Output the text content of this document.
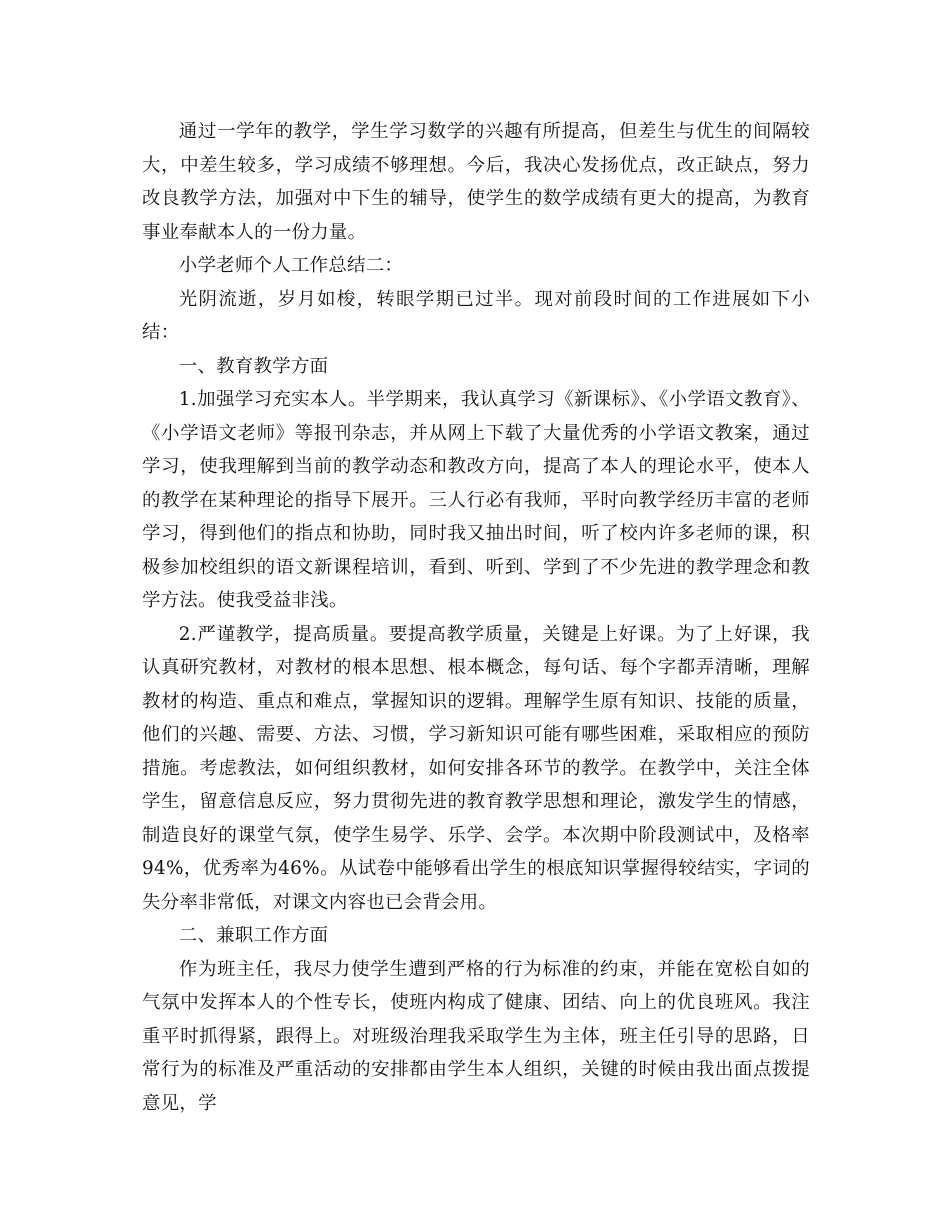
通过一学年的教学，学生学习数学的兴趣有所提高，但差生与优生的间隔较大，中差生较多，学习成绩不够理想。今后，我决心发扬优点，改正缺点，努力改良教学方法，加强对中下生的辅导，使学生的数学成绩有更大的提高，为教育事业奉献本人的一份力量。

小学老师个人工作总结二：

光阴流逝，岁月如梭，转眼学期已过半。现对前段时间的工作进展如下小结：

一、教育教学方面

1.加强学习充实本人。半学期来，我认真学习《新课标》、《小学语文教育》、《小学语文老师》等报刊杂志，并从网上下载了大量优秀的小学语文教案，通过学习，使我理解到当前的教学动态和教改方向，提高了本人的理论水平，使本人的教学在某种理论的指导下展开。三人行必有我师，平时向教学经历丰富的老师学习，得到他们的指点和协助，同时我又抽出时间，听了校内许多老师的课，积极参加校组织的语文新课程培训，看到、听到、学到了不少先进的教学理念和教学方法。使我受益非浅。

2.严谨教学，提高质量。要提高教学质量，关键是上好课。为了上好课，我认真研究教材，对教材的根本思想、根本概念，每句话、每个字都弄清晰，理解教材的构造、重点和难点，掌握知识的逻辑。理解学生原有知识、技能的质量，他们的兴趣、需要、方法、习惯，学习新知识可能有哪些困难，采取相应的预防措施。考虑教法，如何组织教材，如何安排各环节的教学。在教学中，关注全体学生，留意信息反应，努力贯彻先进的教育教学思想和理论，激发学生的情感，制造良好的课堂气氛，使学生易学、乐学、会学。本次期中阶段测试中，及格率94%，优秀率为46%。从试卷中能够看出学生的根底知识掌握得较结实，字词的失分率非常低，对课文内容也已会背会用。

二、兼职工作方面

作为班主任，我尽力使学生遭到严格的行为标准的约束，并能在宽松自如的气氛中发挥本人的个性专长，使班内构成了健康、团结、向上的优良班风。我注重平时抓得紧，跟得上。对班级治理我采取学生为主体，班主任引导的思路，日常行为的标准及严重活动的安排都由学生本人组织，关键的时候由我出面点拨提意见，学
